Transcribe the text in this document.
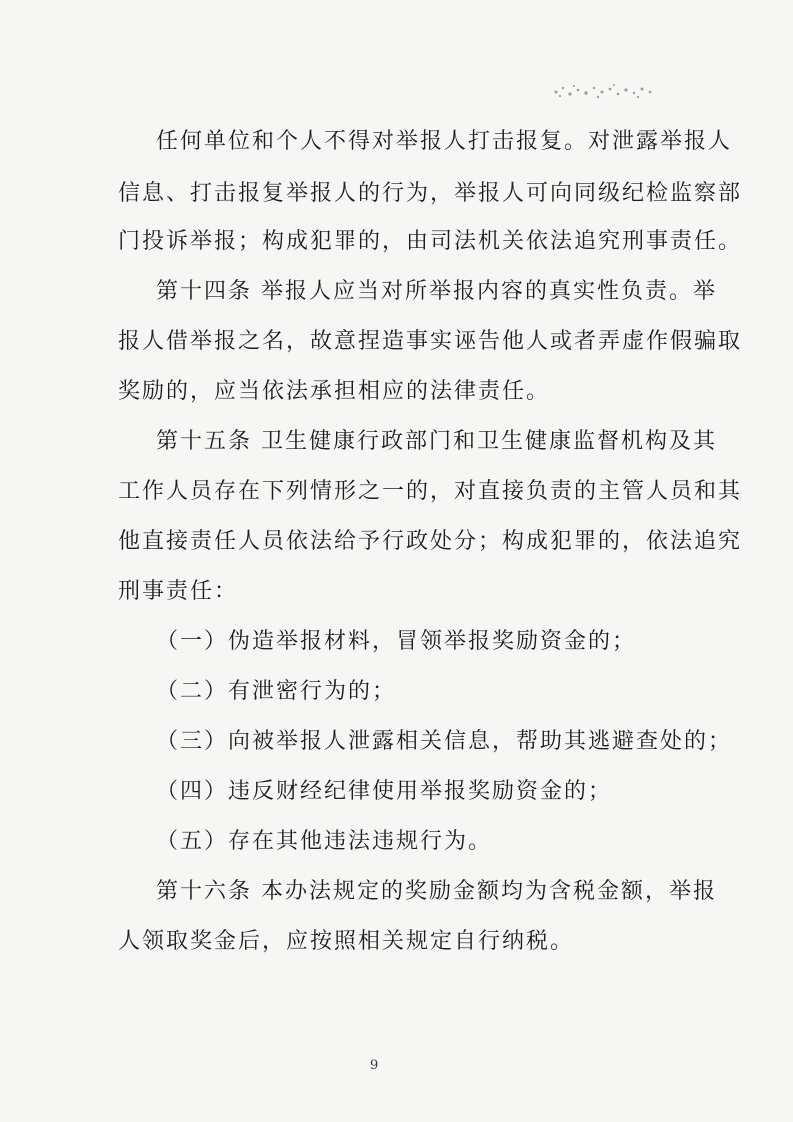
任何单位和个人不得对举报人打击报复。对泄露举报人
信息、打击报复举报人的行为，举报人可向同级纪检监察部
门投诉举报；构成犯罪的，由司法机关依法追究刑事责任。
第十四条 举报人应当对所举报内容的真实性负责。举
报人借举报之名，故意捏造事实诬告他人或者弄虚作假骗取
奖励的，应当依法承担相应的法律责任。
第十五条 卫生健康行政部门和卫生健康监督机构及其
工作人员存在下列情形之一的，对直接负责的主管人员和其
他直接责任人员依法给予行政处分；构成犯罪的，依法追究
刑事责任：
（一）伪造举报材料，冒领举报奖励资金的；
（二）有泄密行为的；
（三）向被举报人泄露相关信息，帮助其逃避查处的；
（四）违反财经纪律使用举报奖励资金的；
（五）存在其他违法违规行为。
第十六条 本办法规定的奖励金额均为含税金额，举报
人领取奖金后，应按照相关规定自行纳税。
9
